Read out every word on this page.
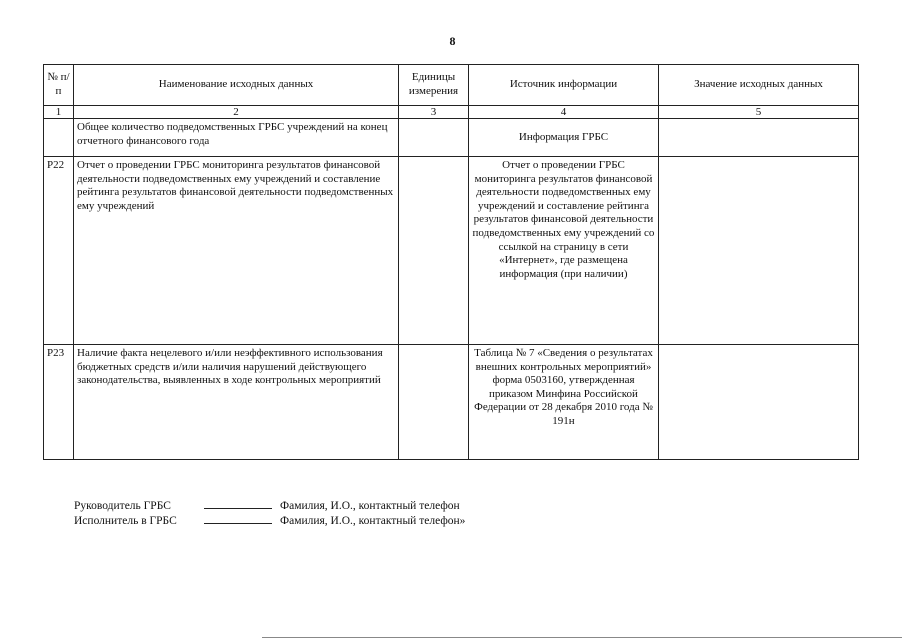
8
№ п/п	Наименование исходных данных	Единицы измерения	Источник информации	Значение исходных данных
1	2	3	4	5
	Общее количество подведомственных ГРБС учреждений на конец отчетного финансового года		Информация ГРБС	
P22	Отчет о проведении ГРБС мониторинга результатов финансовой деятельности подведомственных ему учреждений и составление рейтинга результатов финансовой деятельности подведомственных ему учреждений		Отчет о проведении ГРБС мониторинга результатов финансовой деятельности подведомственных ему учреждений и составление рейтинга результатов финансовой деятельности подведомственных ему учреждений со ссылкой на страницу в сети «Интернет», где размещена информация (при наличии)	
P23	Наличие факта нецелевого и/или неэффективного использования бюджетных средств и/или наличия нарушений действующего законодательства, выявленных в ходе контрольных мероприятий		Таблица № 7 «Сведения о результатах внешних контрольных мероприятий» форма 0503160, утвержденная приказом Минфина Российской Федерации от 28 декабря 2010 года № 191н	
Руководитель ГРБС	Фамилия, И.О., контактный телефон
Исполнитель в ГРБС	Фамилия, И.О., контактный телефон»
